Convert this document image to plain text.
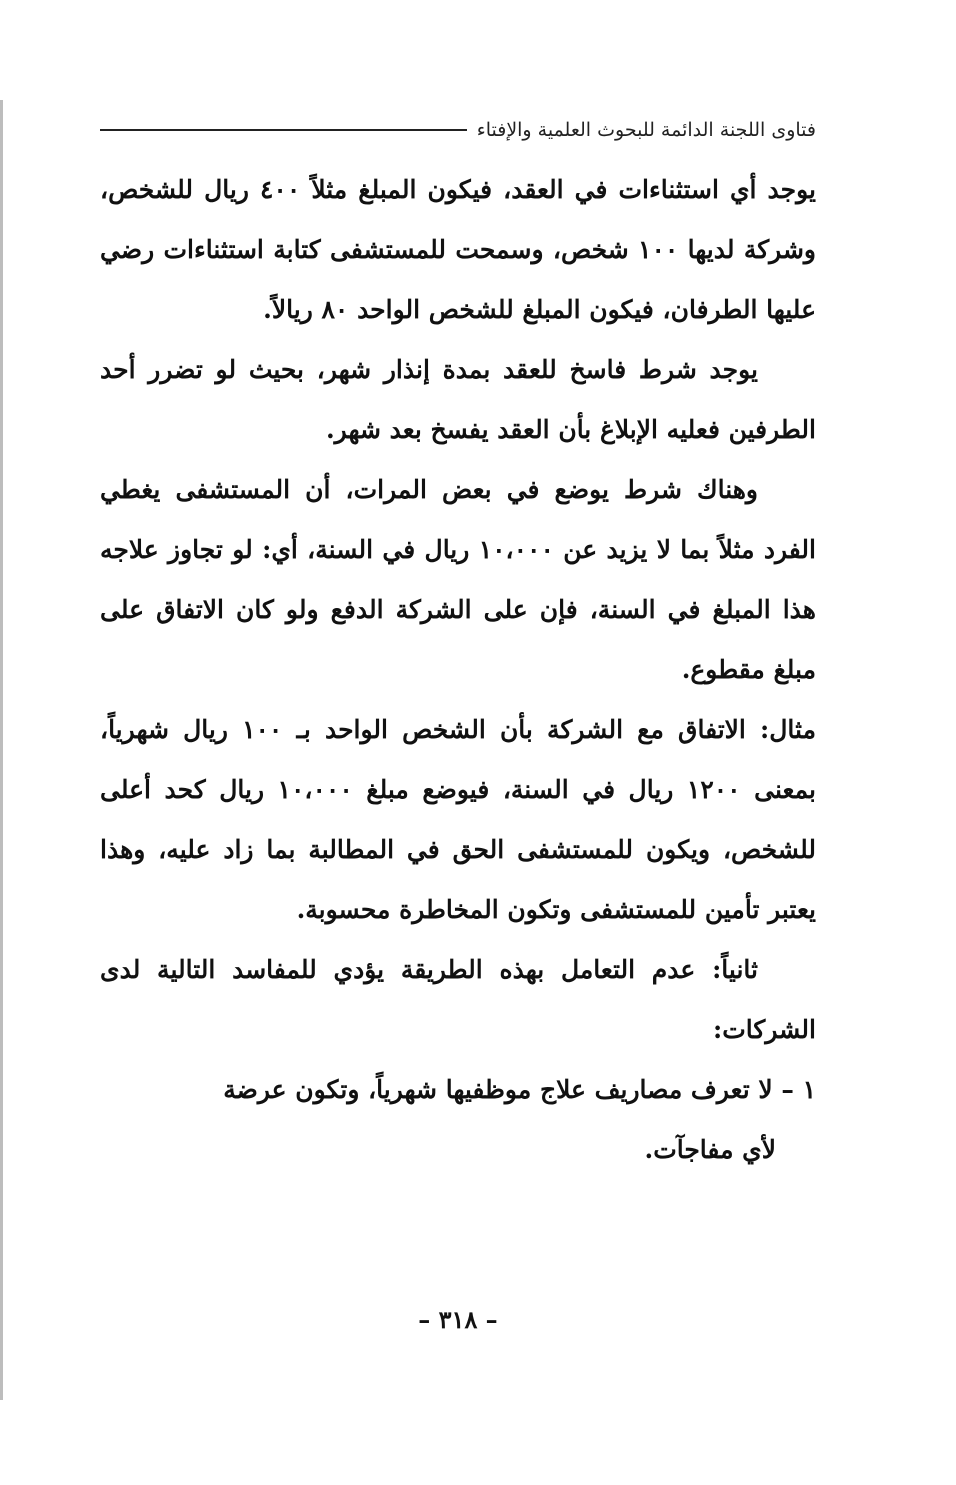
فتاوى اللجنة الدائمة للبحوث العلمية والإفتاء

يوجد أي استثناءات في العقد، فيكون المبلغ مثلاً ٤٠٠ ريال للشخص، وشركة لديها ١٠٠ شخص، وسمحت للمستشفى كتابة استثناءات رضي عليها الطرفان، فيكون المبلغ للشخص الواحد ٨٠ ريالاً.

يوجد شرط فاسخ للعقد بمدة إنذار شهر، بحيث لو تضرر أحد الطرفين فعليه الإبلاغ بأن العقد يفسخ بعد شهر.

وهناك شرط يوضع في بعض المرات، أن المستشفى يغطي الفرد مثلاً بما لا يزيد عن ١٠،٠٠٠ ريال في السنة، أي: لو تجاوز علاجه هذا المبلغ في السنة، فإن على الشركة الدفع ولو كان الاتفاق على مبلغ مقطوع.

مثال: الاتفاق مع الشركة بأن الشخص الواحد بـ ١٠٠ ريال شهرياً، بمعنى ١٢٠٠ ريال في السنة، فيوضع مبلغ ١٠،٠٠٠ ريال كحد أعلى للشخص، ويكون للمستشفى الحق في المطالبة بما زاد عليه، وهذا يعتبر تأمين للمستشفى وتكون المخاطرة محسوبة.

ثانياً: عدم التعامل بهذه الطريقة يؤدي للمفاسد التالية لدى الشركات:

١ – لا تعرف مصاريف علاج موظفيها شهرياً، وتكون عرضة

لأي مفاجآت.

– ٣١٨ –
